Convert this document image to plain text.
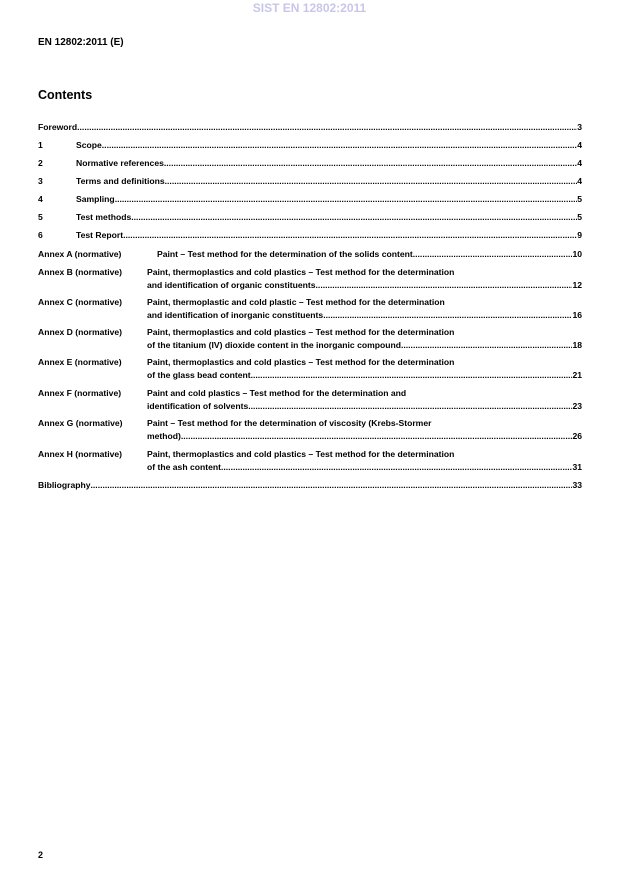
SIST EN 12802:2011
EN 12802:2011 (E)
Contents
Foreword .....	3
1	Scope .....	4
2	Normative references .....	4
3	Terms and definitions .....	4
4	Sampling .....	5
5	Test methods .....	5
6	Test Report .....	9
Annex A (normative)	Paint – Test method for the determination of the solids content .....	10
Annex B (normative)	Paint, thermoplastics and cold plastics – Test method for the determination
and identification of organic constituents .....	12
Annex C (normative)	Paint, thermoplastic and cold plastic – Test method for the determination
and identification of inorganic constituents .....	16
Annex D (normative)	Paint, thermoplastics and cold plastics – Test method for the determination
of the titanium (IV) dioxide content in the inorganic compound .....	18
Annex E (normative)	Paint, thermoplastics and cold plastics – Test method for the determination
of the glass bead content .....	21
Annex F (normative)	Paint and cold plastics – Test method for the determination and
identification of solvents .....	23
Annex G (normative)	Paint – Test method for the determination of viscosity (Krebs-Stormer
method) .....	26
Annex H (normative)	Paint, thermoplastics and cold plastics – Test method for the determination
of the ash content .....	31
Bibliography .....	33
2
